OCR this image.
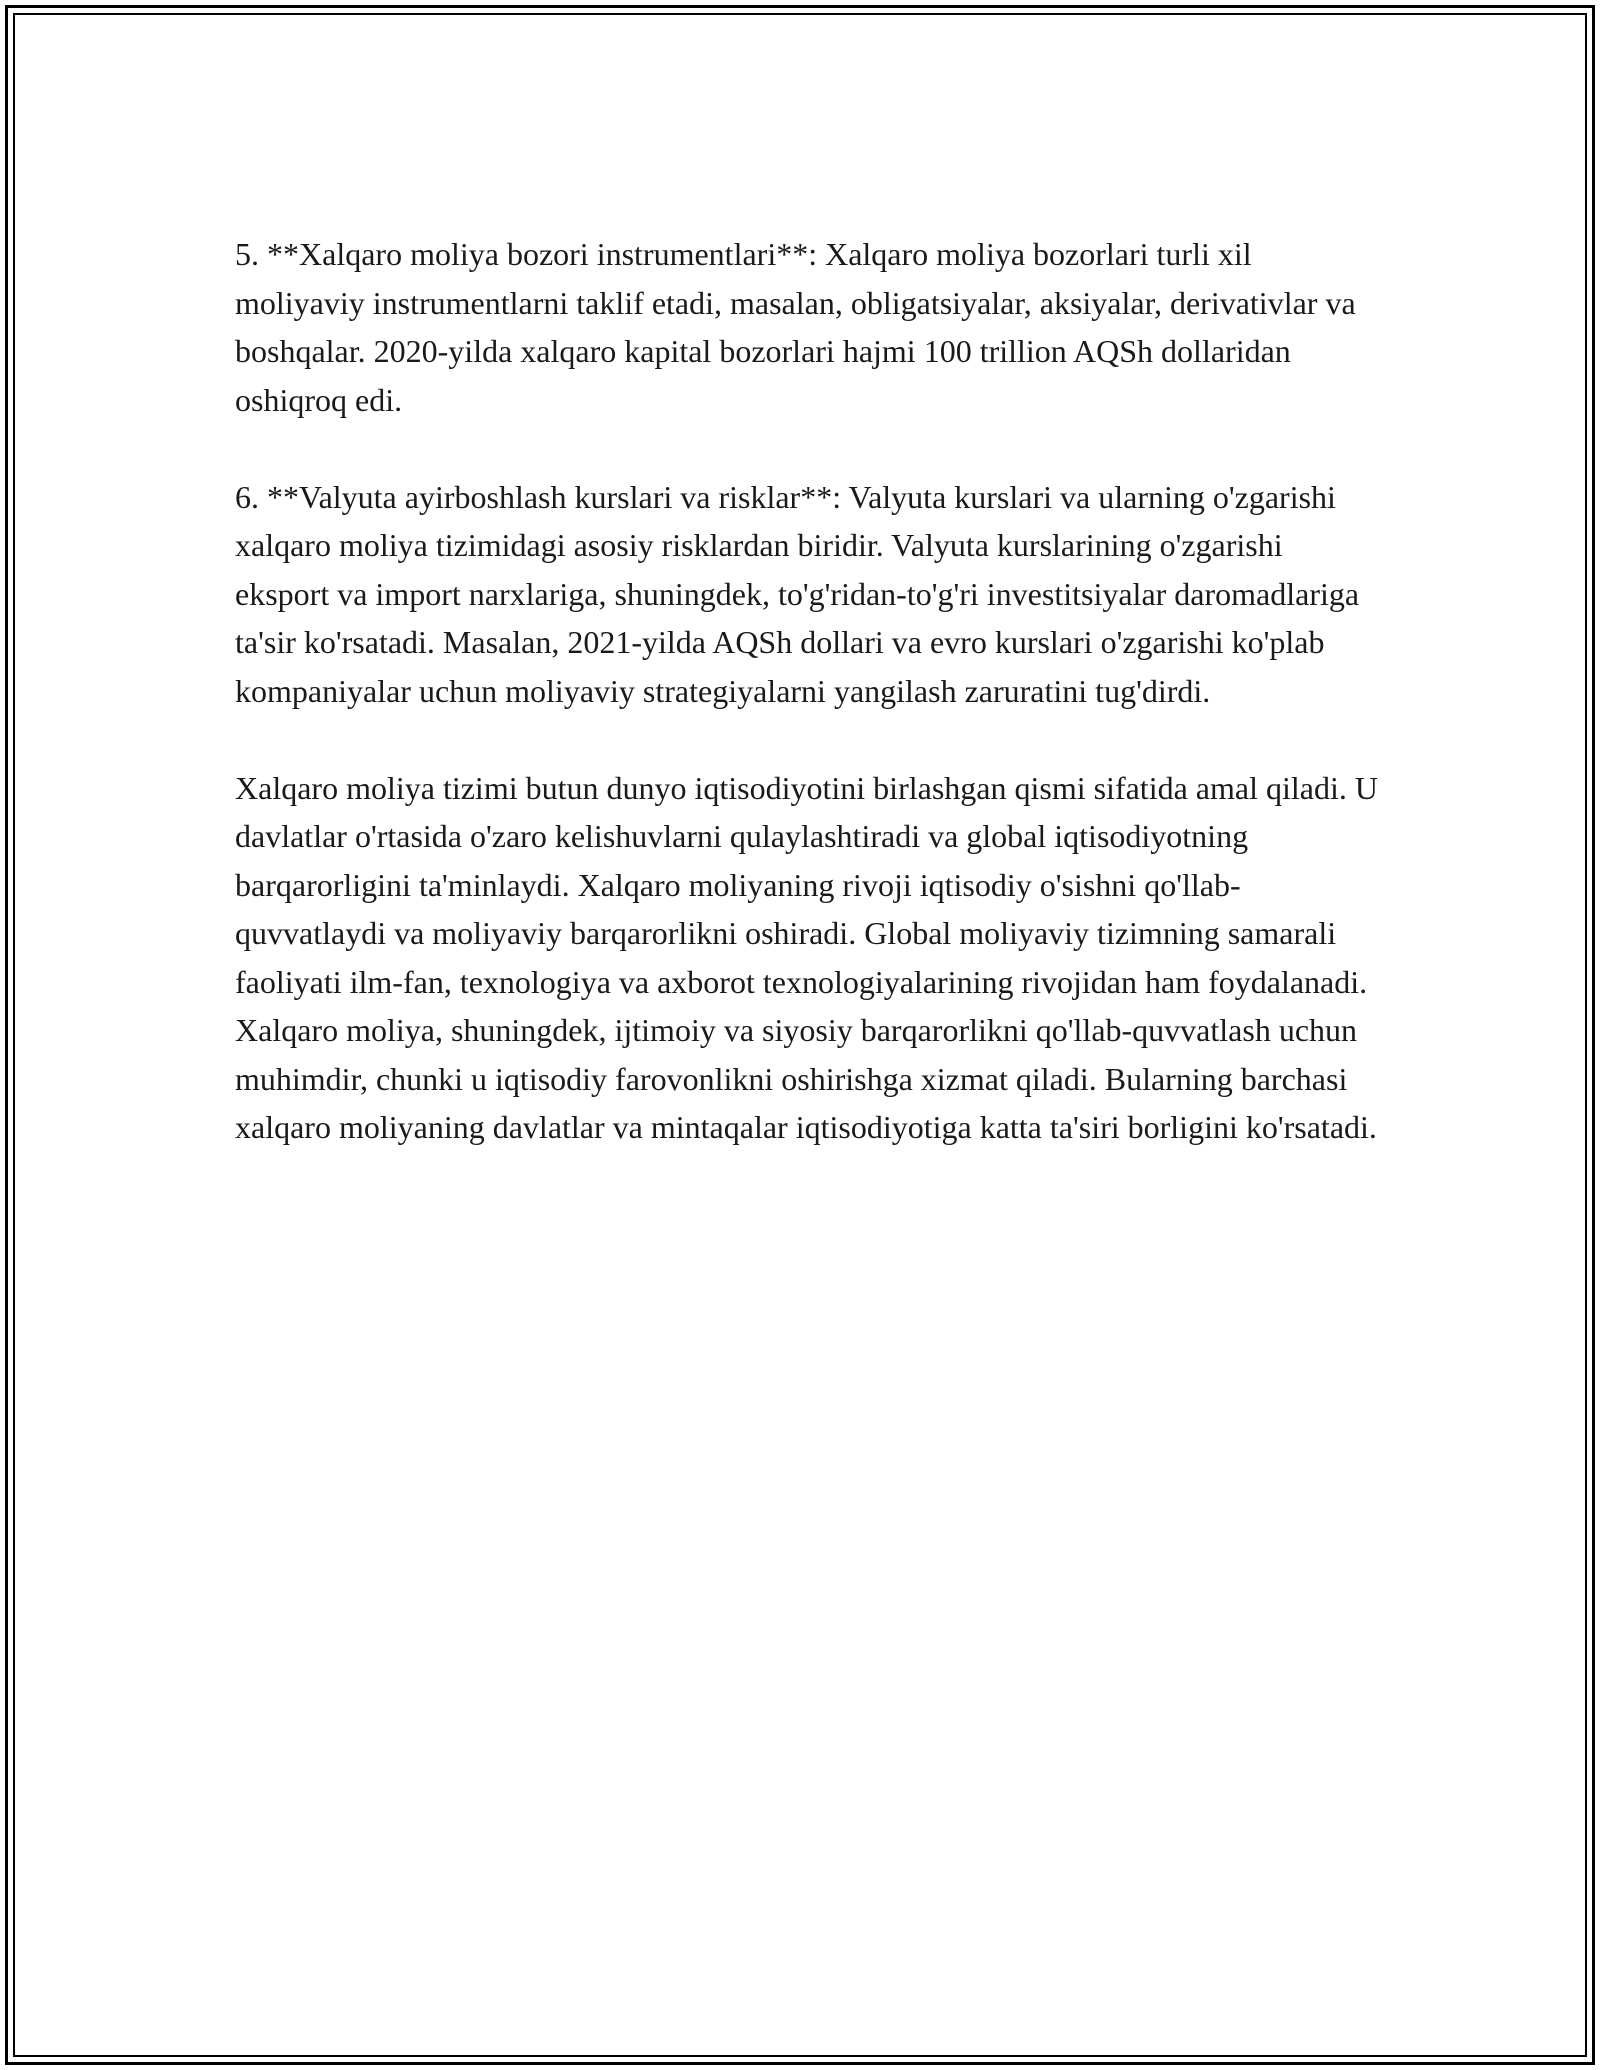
5. **Xalqaro moliya bozori instrumentlari**: Xalqaro moliya bozorlari turli xil moliyaviy instrumentlarni taklif etadi, masalan, obligatsiyalar, aksiyalar, derivativlar va boshqalar. 2020-yilda xalqaro kapital bozorlari hajmi 100 trillion AQSh dollaridan oshiqroq edi.

6. **Valyuta ayirboshlash kurslari va risklar**: Valyuta kurslari va ularning o'zgarishi xalqaro moliya tizimidagi asosiy risklardan biridir. Valyuta kurslarining o'zgarishi eksport va import narxlariga, shuningdek, to'g'ridan-to'g'ri investitsiyalar daromadlariga ta'sir ko'rsatadi. Masalan, 2021-yilda AQSh dollari va evro kurslari o'zgarishi ko'plab kompaniyalar uchun moliyaviy strategiyalarni yangilash zaruratini tug'dirdi.

Xalqaro moliya tizimi butun dunyo iqtisodiyotini birlashgan qismi sifatida amal qiladi. U davlatlar o'rtasida o'zaro kelishuvlarni qulaylashtiradi va global iqtisodiyotning barqarorligini ta'minlaydi. Xalqaro moliyaning rivoji iqtisodiy o'sishni qo'llab-quvvatlaydi va moliyaviy barqarorlikni oshiradi. Global moliyaviy tizimning samarali faoliyati ilm-fan, texnologiya va axborot texnologiyalarining rivojidan ham foydalanadi. Xalqaro moliya, shuningdek, ijtimoiy va siyosiy barqarorlikni qo'llab-quvvatlash uchun muhimdir, chunki u iqtisodiy farovonlikni oshirishga xizmat qiladi. Bularning barchasi xalqaro moliyaning davlatlar va mintaqalar iqtisodiyotiga katta ta'siri borligini ko'rsatadi.
